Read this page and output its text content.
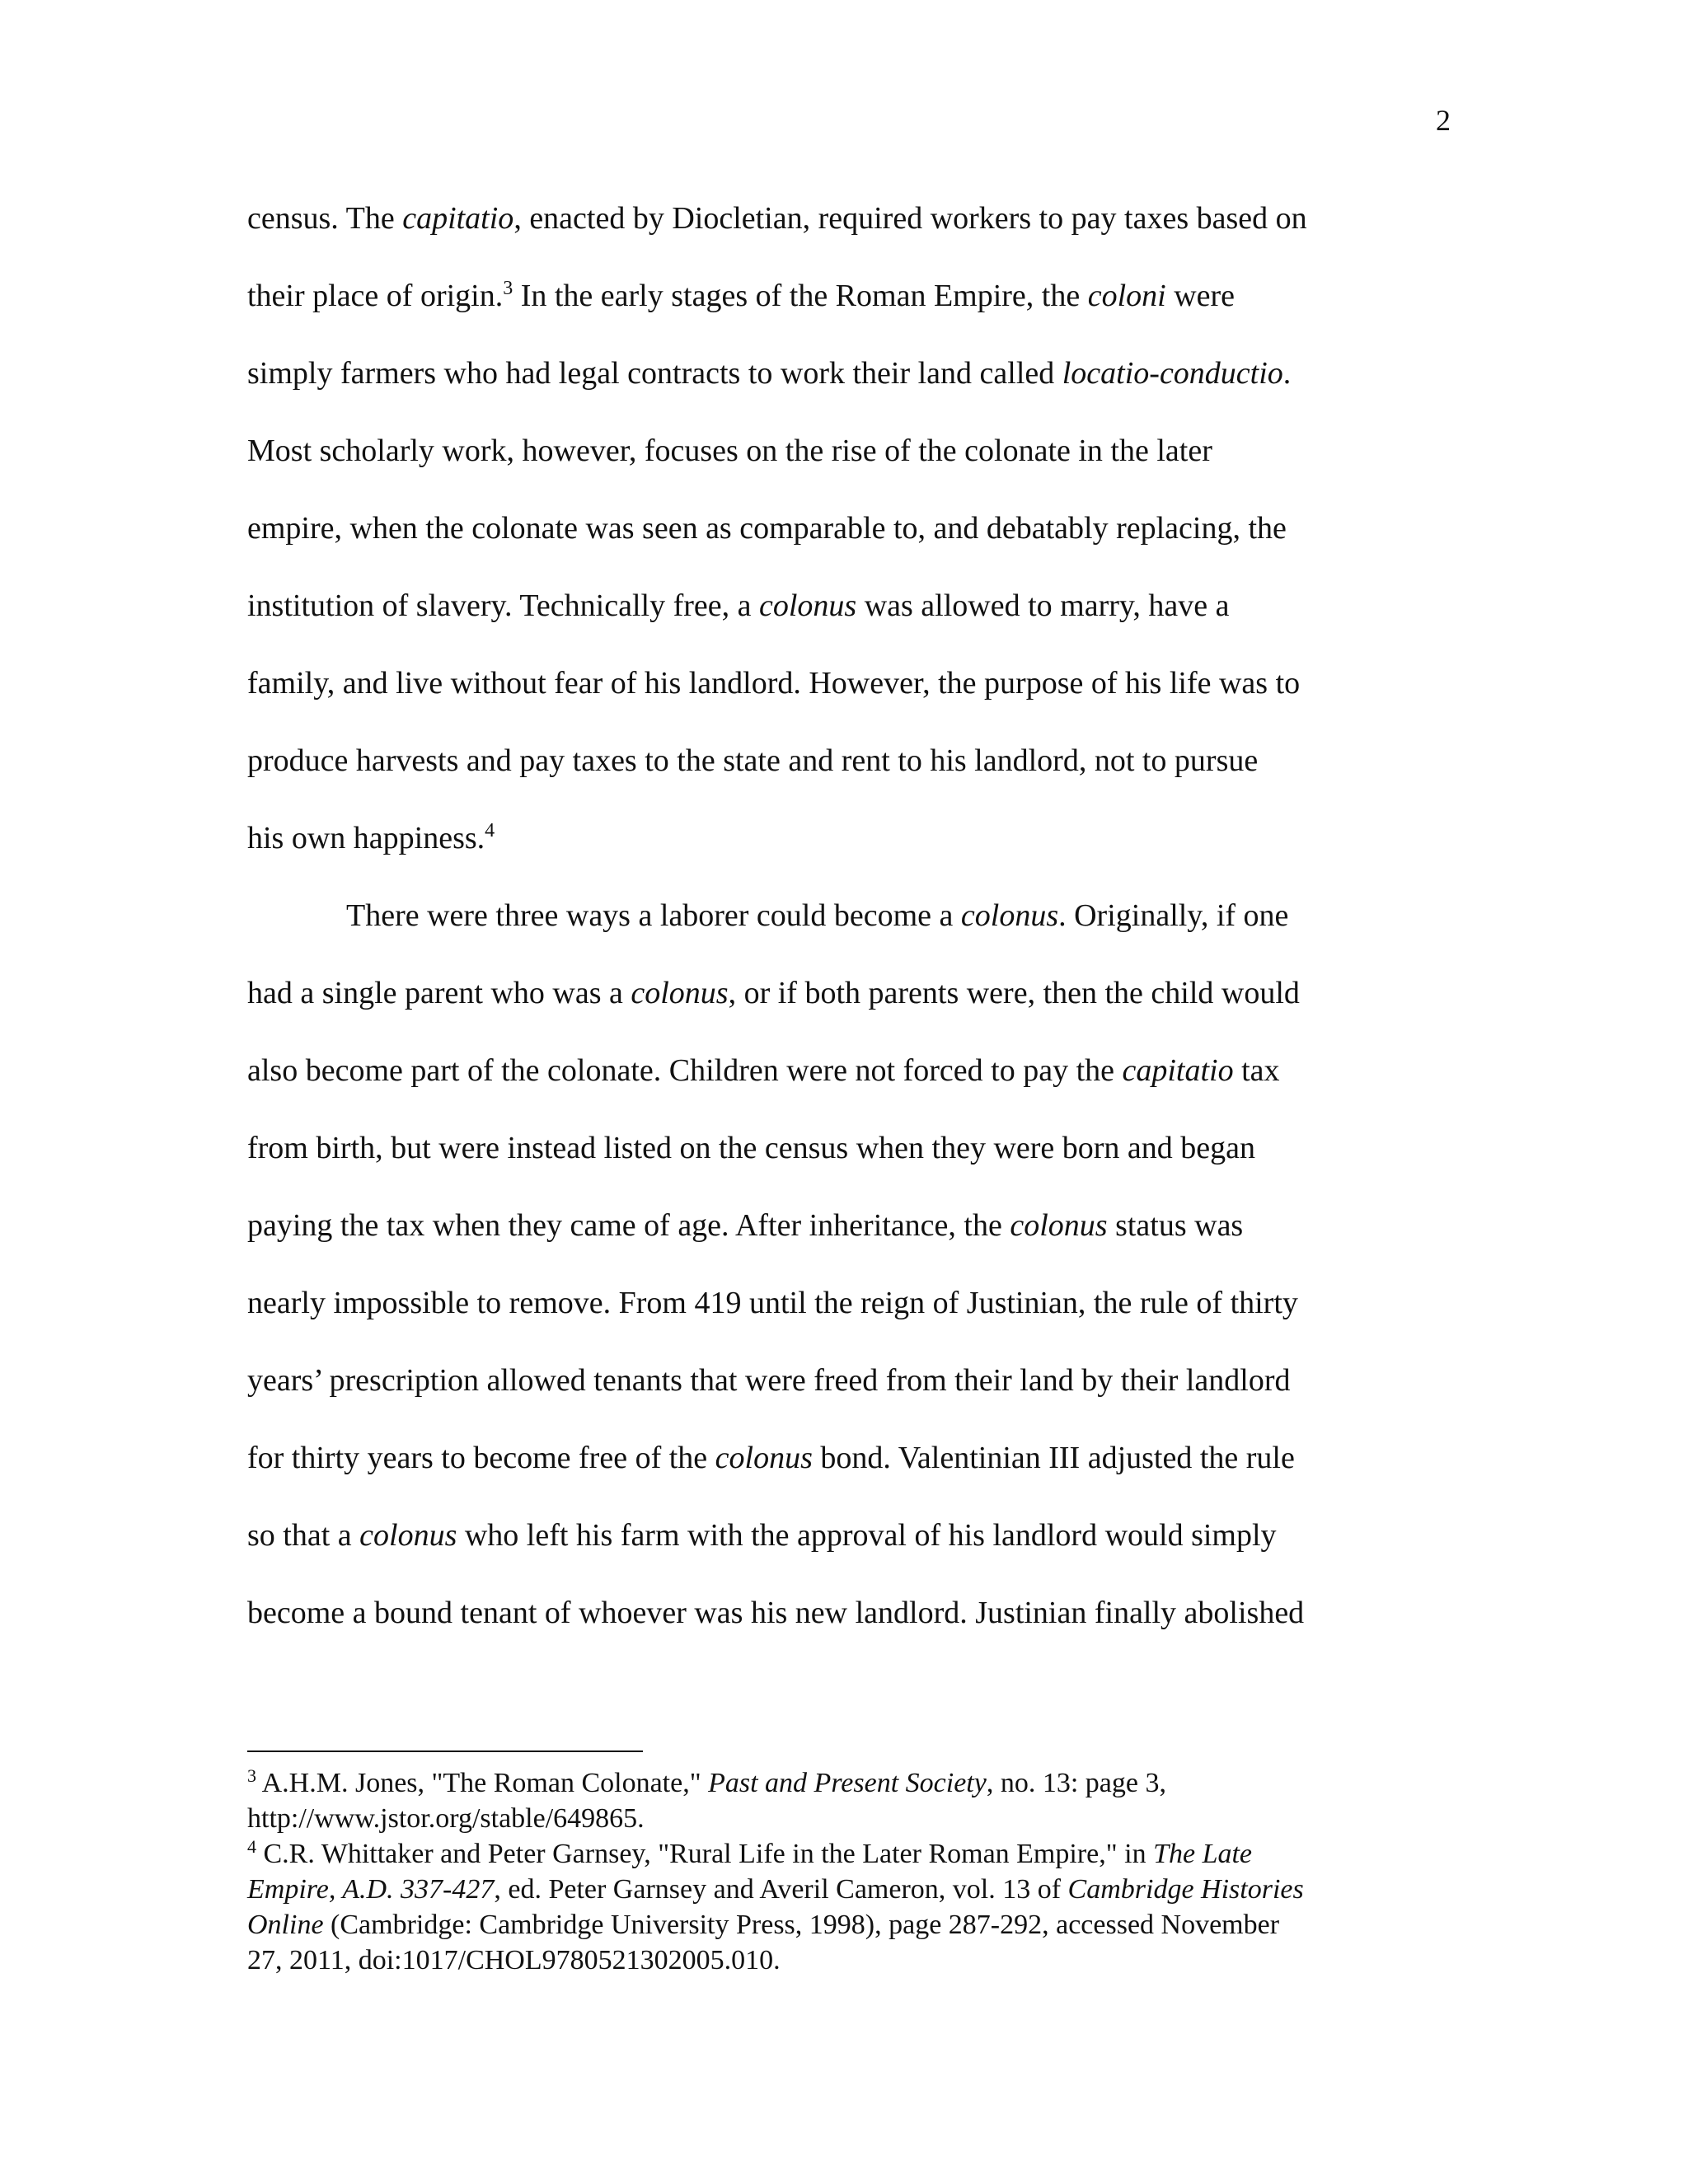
2
census. The capitatio, enacted by Diocletian, required workers to pay taxes based on
their place of origin.$^3$ In the early stages of the Roman Empire, the coloni were
simply farmers who had legal contracts to work their land called locatio-conductio.
Most scholarly work, however, focuses on the rise of the colonate in the later
empire, when the colonate was seen as comparable to, and debatably replacing, the
institution of slavery. Technically free, a colonus was allowed to marry, have a
family, and live without fear of his landlord. However, the purpose of his life was to
produce harvests and pay taxes to the state and rent to his landlord, not to pursue
his own happiness.$^4$
There were three ways a laborer could become a colonus. Originally, if one
had a single parent who was a colonus, or if both parents were, then the child would
also become part of the colonate. Children were not forced to pay the capitatio tax
from birth, but were instead listed on the census when they were born and began
paying the tax when they came of age. After inheritance, the colonus status was
nearly impossible to remove. From 419 until the reign of Justinian, the rule of thirty
years’ prescription allowed tenants that were freed from their land by their landlord
for thirty years to become free of the colonus bond. Valentinian III adjusted the rule
so that a colonus who left his farm with the approval of his landlord would simply
become a bound tenant of whoever was his new landlord. Justinian finally abolished
$^3$ A.H.M. Jones, "The Roman Colonate," Past and Present Society, no. 13: page 3,
http://www.jstor.org/stable/649865.
$^4$ C.R. Whittaker and Peter Garnsey, "Rural Life in the Later Roman Empire," in The Late
Empire, A.D. 337-427, ed. Peter Garnsey and Averil Cameron, vol. 13 of Cambridge Histories
Online (Cambridge: Cambridge University Press, 1998), page 287-292, accessed November
27, 2011, doi:1017/CHOL9780521302005.010.
